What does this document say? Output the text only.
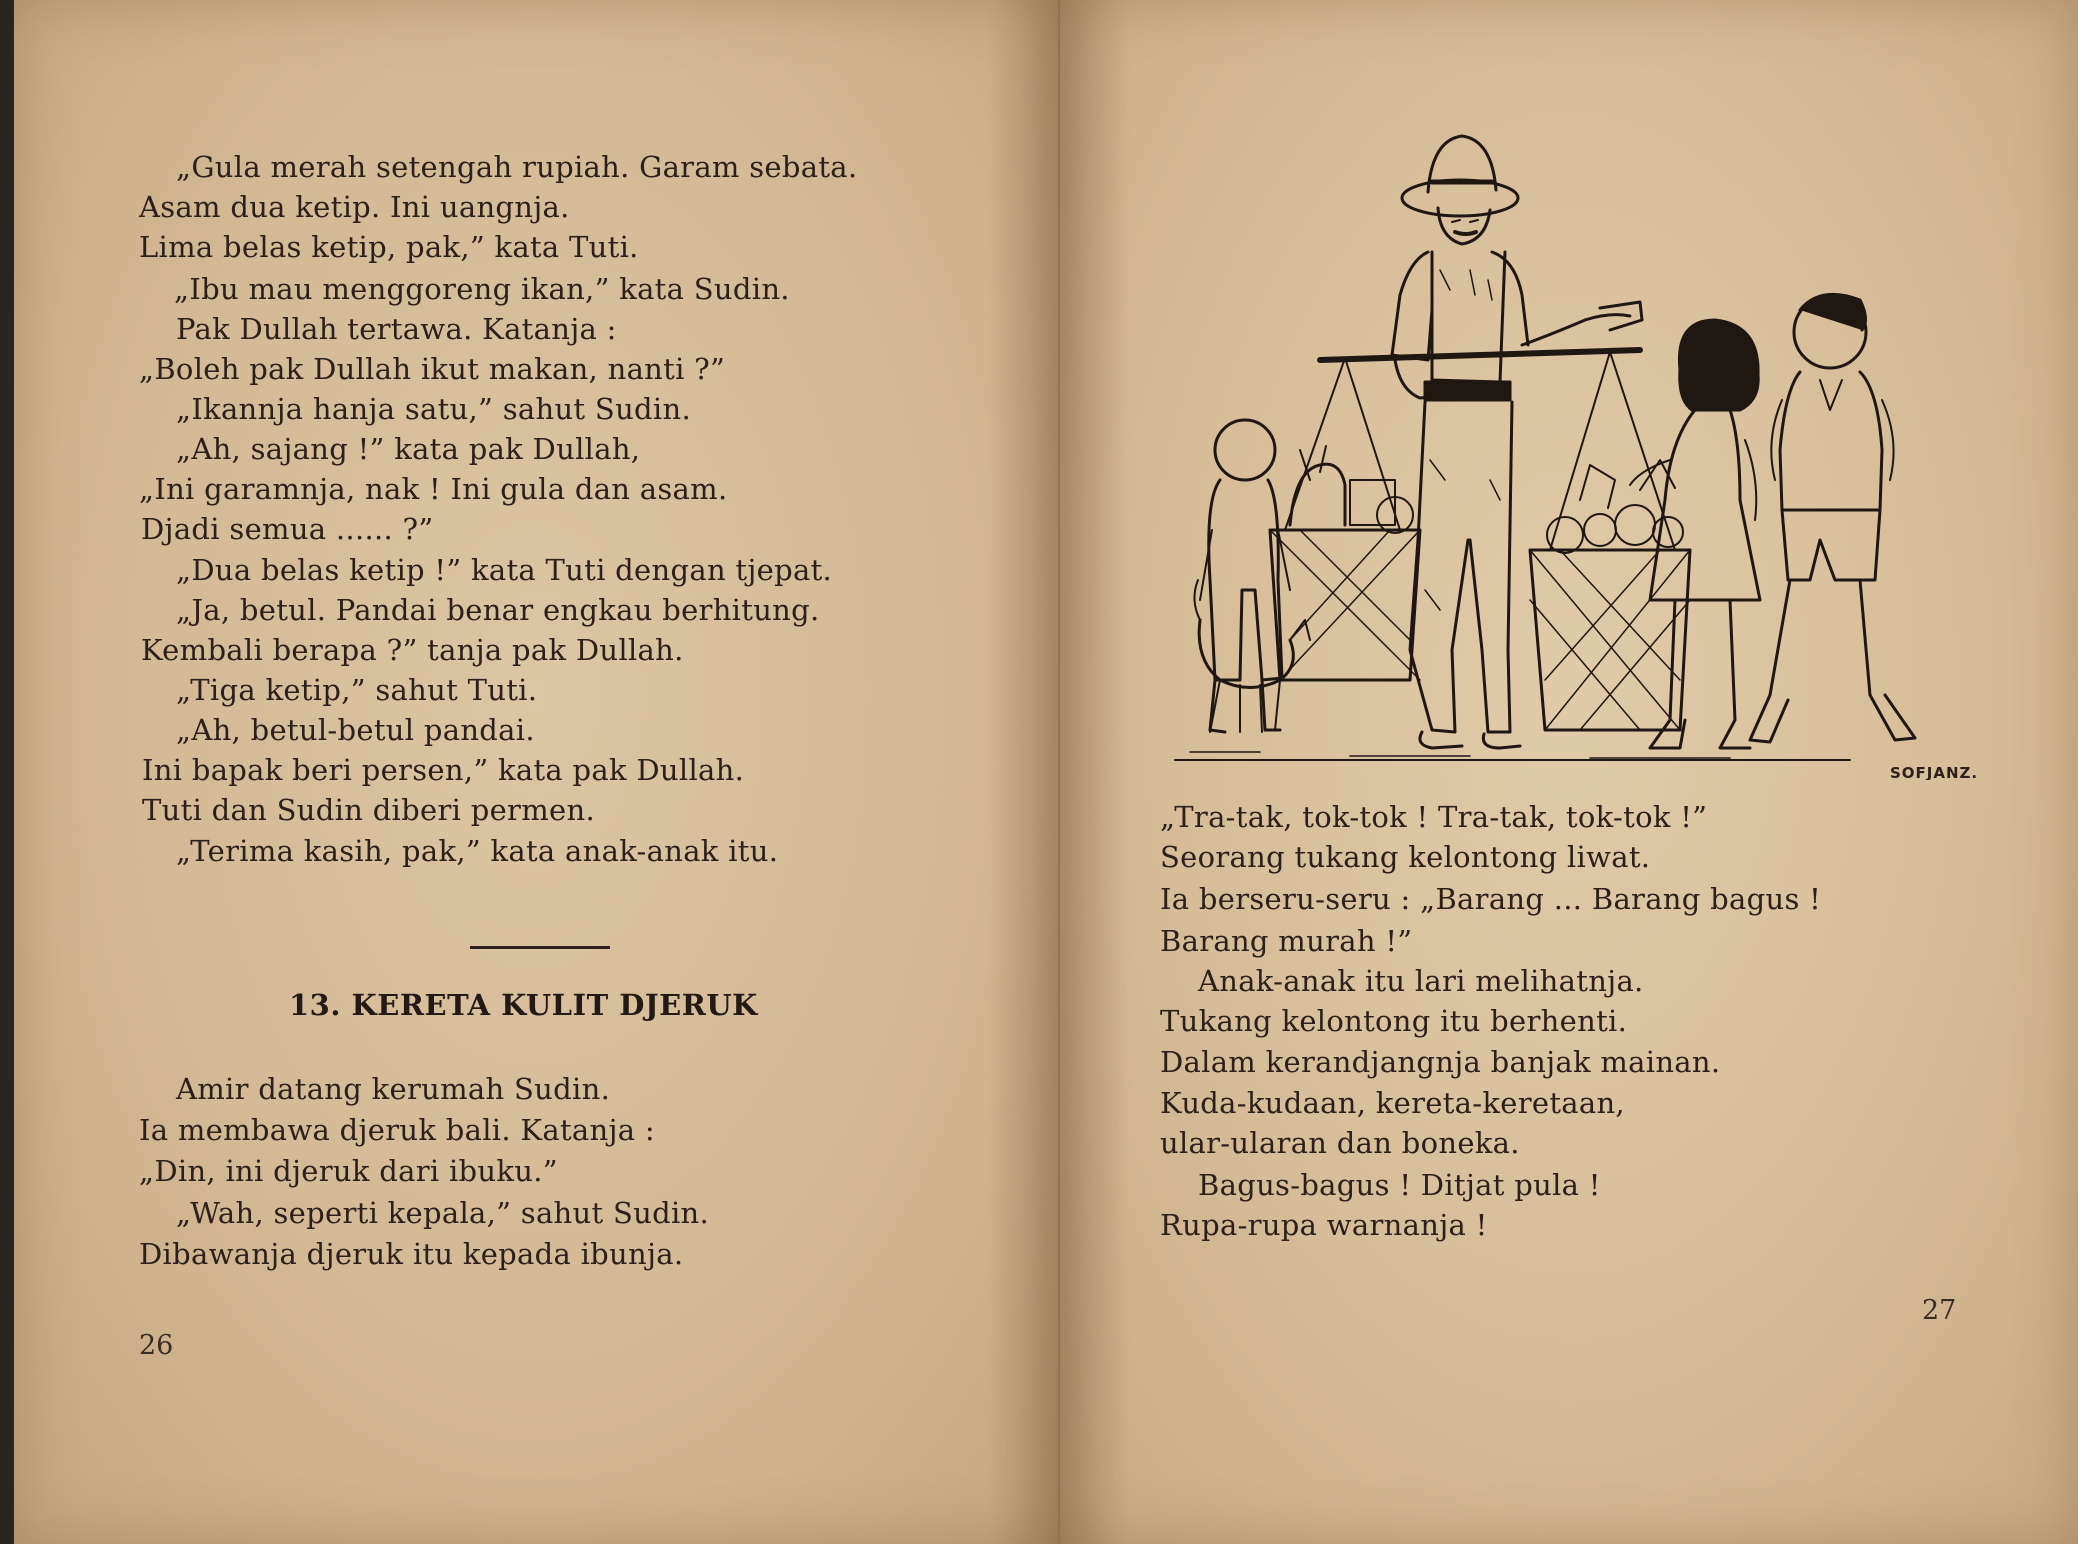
„Gula merah setengah rupiah. Garam sebata.
Asam dua ketip. Ini uangnja.
Lima belas ketip, pak,” kata Tuti.
„Ibu mau menggoreng ikan,” kata Sudin.
Pak Dullah tertawa. Katanja :
„Boleh pak Dullah ikut makan, nanti ?”
„Ikannja hanja satu,” sahut Sudin.
„Ah, sajang !” kata pak Dullah,
„Ini garamnja, nak ! Ini gula dan asam.
Djadi semua ...... ?”
„Dua belas ketip !” kata Tuti dengan tjepat.
„Ja, betul. Pandai benar engkau berhitung.
Kembali berapa ?” tanja pak Dullah.
„Tiga ketip,” sahut Tuti.
„Ah, betul-betul pandai.
Ini bapak beri persen,” kata pak Dullah.
Tuti dan Sudin diberi permen.
„Terima kasih, pak,” kata anak-anak itu.
13. KERETA KULIT DJERUK
Amir datang kerumah Sudin.
Ia membawa djeruk bali. Katanja :
„Din, ini djeruk dari ibuku.”
„Wah, seperti kepala,” sahut Sudin.
Dibawanja djeruk itu kepada ibunja.
26
SOFJANZ.
„Tra-tak, tok-tok ! Tra-tak, tok-tok !”
Seorang tukang kelontong liwat.
Ia berseru-seru : „Barang ... Barang bagus !
Barang murah !”
Anak-anak itu lari melihatnja.
Tukang kelontong itu berhenti.
Dalam kerandjangnja banjak mainan.
Kuda-kudaan, kereta-keretaan,
ular-ularan dan boneka.
Bagus-bagus ! Ditjat pula !
Rupa-rupa warnanja !
27
